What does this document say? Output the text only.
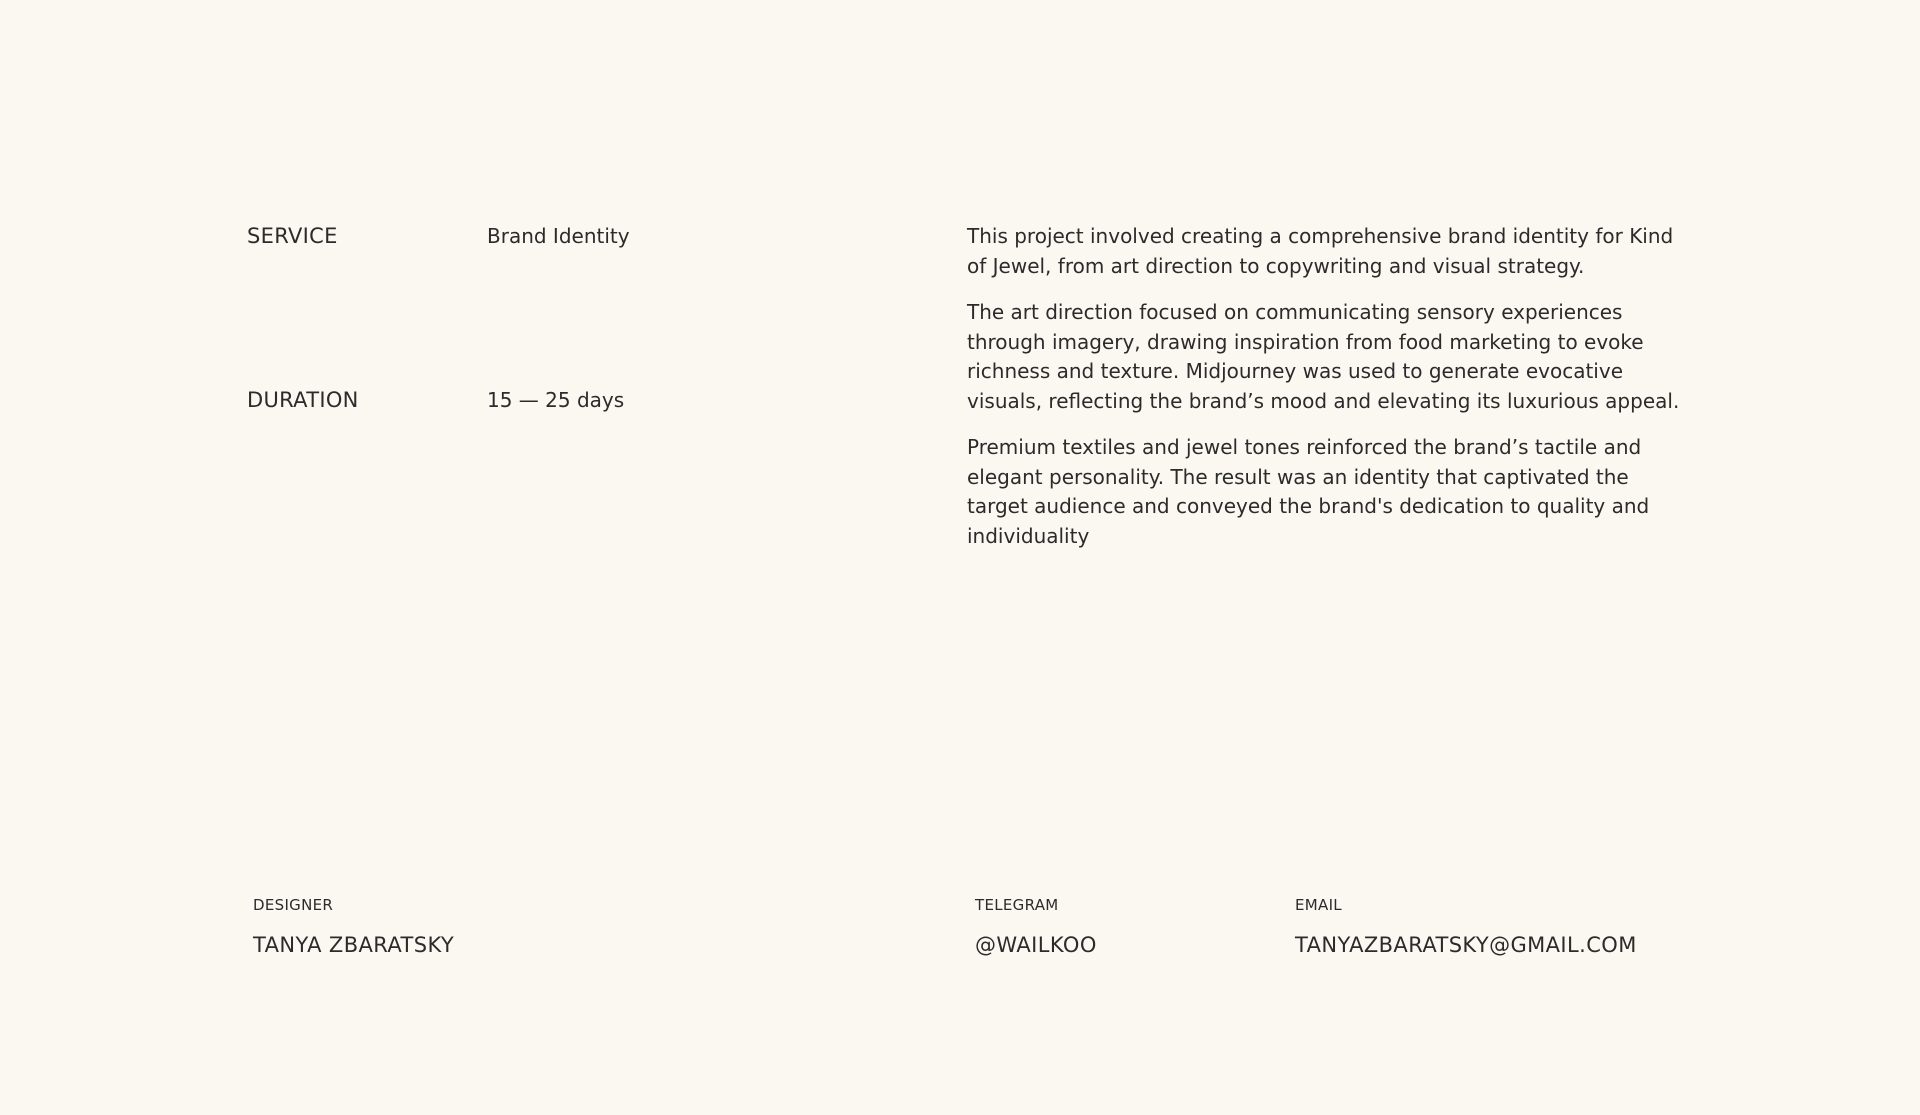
SERVICE	Brand Identity
DURATION	15 — 25 days

This project involved creating a comprehensive brand identity for Kind of Jewel, from art direction to copywriting and visual strategy.

The art direction focused on communicating sensory experiences through imagery, drawing inspiration from food marketing to evoke richness and texture. Midjourney was used to generate evocative visuals, reflecting the brand’s mood and elevating its luxurious appeal.

Premium textiles and jewel tones reinforced the brand’s tactile and elegant personality. The result was an identity that captivated the target audience and conveyed the brand's dedication to quality and individuality

DESIGNER
TANYA ZBARATSKY
TELEGRAM
@WAILKOO
EMAIL
TANYAZBARATSKY@GMAIL.COM
